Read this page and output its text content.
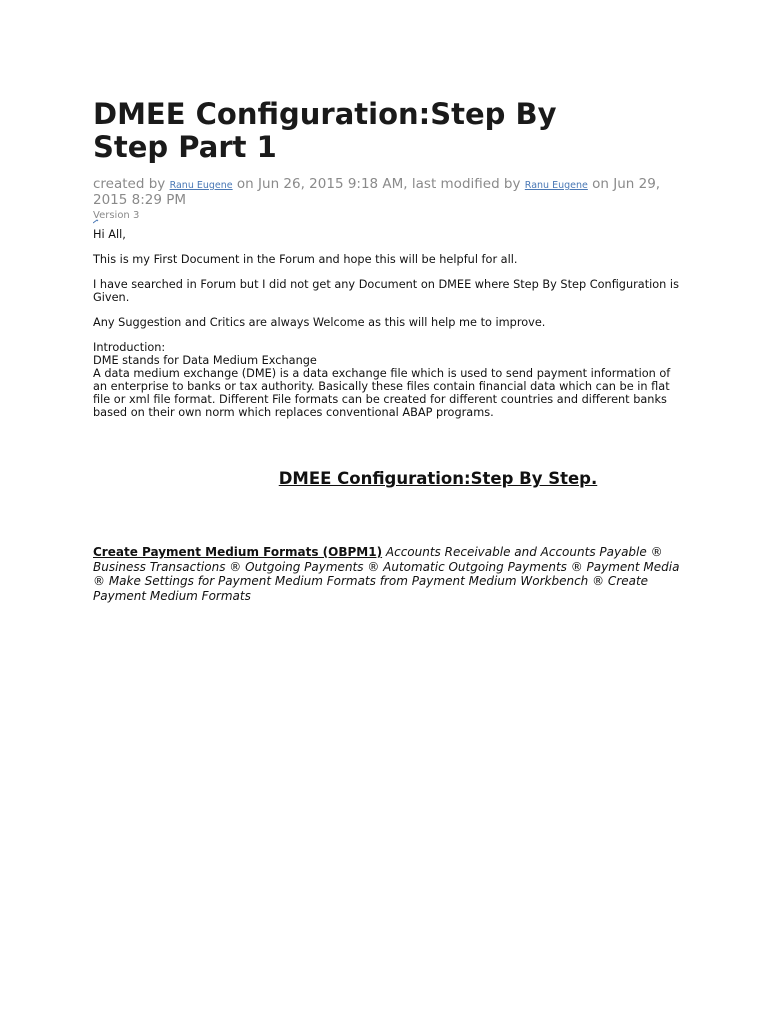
DMEE Configuration:Step By Step Part 1
created by Ranu Eugene on Jun 26, 2015 9:18 AM, last modified by Ranu Eugene on Jun 29, 2015 8:29 PM
Version 3

Hi All,

This is my First Document in the Forum and hope this will be helpful for all.

I have searched in Forum but I did not get any Document on DMEE where Step By Step Configuration is Given.

Any Suggestion and Critics are always Welcome as this will help me to improve.

Introduction:

DME stands for Data Medium Exchange

A data medium exchange (DME) is a data exchange file which is used to send payment information of an enterprise to banks or tax authority. Basically these files contain financial data which can be in flat file or xml file format. Different File formats can be created for different countries and different banks based on their own norm which replaces conventional ABAP programs.

DMEE Configuration:Step By Step.
Create Payment Medium Formats (OBPM1) Accounts Receivable and Accounts Payable ® Business Transactions ® Outgoing Payments ® Automatic Outgoing Payments ® Payment Media ® Make Settings for Payment Medium Formats from Payment Medium Workbench ® Create Payment Medium Formats
